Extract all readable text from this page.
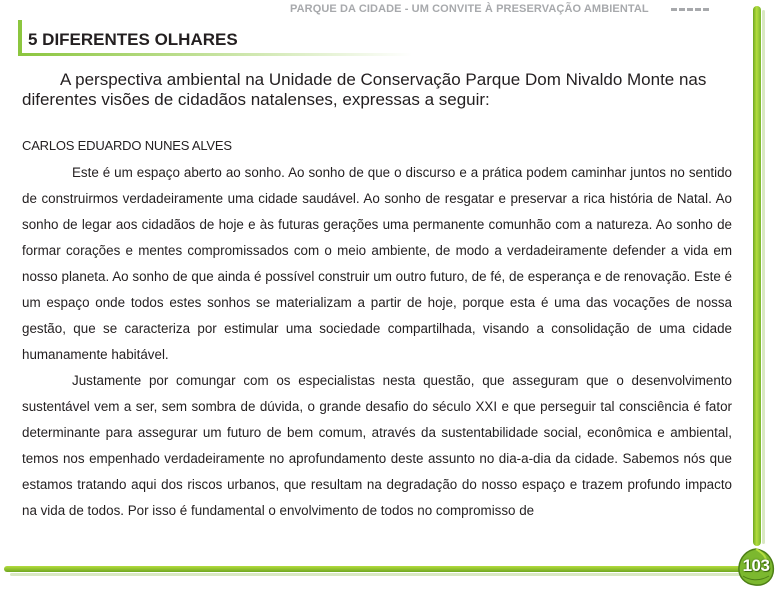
PARQUE DA CIDADE - UM CONVITE À PRESERVAÇÃO AMBIENTAL
5 DIFERENTES OLHARES

A perspectiva ambiental na Unidade de Conservação Parque Dom Nivaldo Monte nas diferentes visões de cidadãos natalenses, expressas a seguir:

CARLOS EDUARDO NUNES ALVES

Este é um espaço aberto ao sonho. Ao sonho de que o discurso e a prática podem caminhar juntos no sentido de construirmos verdadeiramente uma cidade saudável. Ao sonho de resgatar e preservar a rica história de Natal. Ao sonho de legar aos cidadãos de hoje e às futuras gerações uma permanente comunhão com a natureza. Ao sonho de formar corações e mentes compromissados com o meio ambiente, de modo a verdadeiramente defender a vida em nosso planeta. Ao sonho de que ainda é possível construir um outro futuro, de fé, de esperança e de renovação. Este é um espaço onde todos estes sonhos se materializam a partir de hoje, porque esta é uma das vocações de nossa gestão, que se caracteriza por estimular uma sociedade compartilhada, visando a consolidação de uma cidade humanamente habitável.

Justamente por comungar com os especialistas nesta questão, que asseguram que o desenvolvimento sustentável vem a ser, sem sombra de dúvida, o grande desafio do século XXI e que perseguir tal consciência é fator determinante para assegurar um futuro de bem comum, através da sustentabilidade social, econômica e ambiental, temos nos empenhado verdadeiramente no aprofundamento deste assunto no dia-a-dia da cidade. Sabemos nós que estamos tratando aqui dos riscos urbanos, que resultam na degradação do nosso espaço e trazem profundo impacto na vida de todos. Por isso é fundamental o envolvimento de todos no compromisso de

103
